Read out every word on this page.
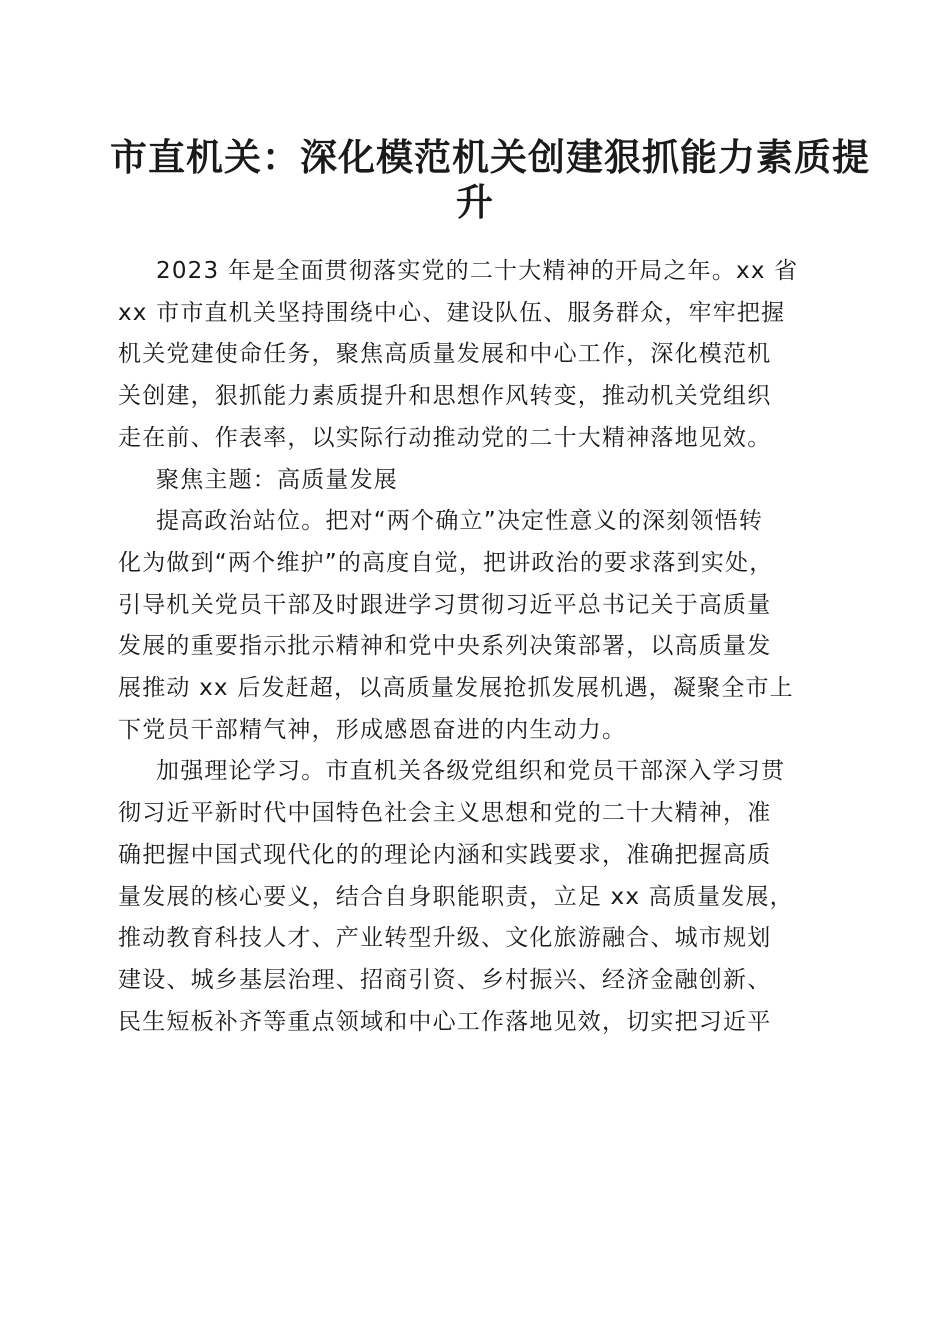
市直机关：深化模范机关创建狠抓能力素质提
升

2023 年是全面贯彻落实党的二十大精神的开局之年。xx 省
xx 市市直机关坚持围绕中心、建设队伍、服务群众，牢牢把握
机关党建使命任务，聚焦高质量发展和中心工作，深化模范机
关创建，狠抓能力素质提升和思想作风转变，推动机关党组织
走在前、作表率，以实际行动推动党的二十大精神落地见效。

聚焦主题：高质量发展

提高政治站位。把对“两个确立”决定性意义的深刻领悟转
化为做到“两个维护”的高度自觉，把讲政治的要求落到实处，
引导机关党员干部及时跟进学习贯彻习近平总书记关于高质量
发展的重要指示批示精神和党中央系列决策部署，以高质量发
展推动 xx 后发赶超，以高质量发展抢抓发展机遇，凝聚全市上
下党员干部精气神，形成感恩奋进的内生动力。

加强理论学习。市直机关各级党组织和党员干部深入学习贯
彻习近平新时代中国特色社会主义思想和党的二十大精神，准
确把握中国式现代化的的理论内涵和实践要求，准确把握高质
量发展的核心要义，结合自身职能职责，立足 xx 高质量发展，
推动教育科技人才、产业转型升级、文化旅游融合、城市规划
建设、城乡基层治理、招商引资、乡村振兴、经济金融创新、
民生短板补齐等重点领域和中心工作落地见效，切实把习近平
